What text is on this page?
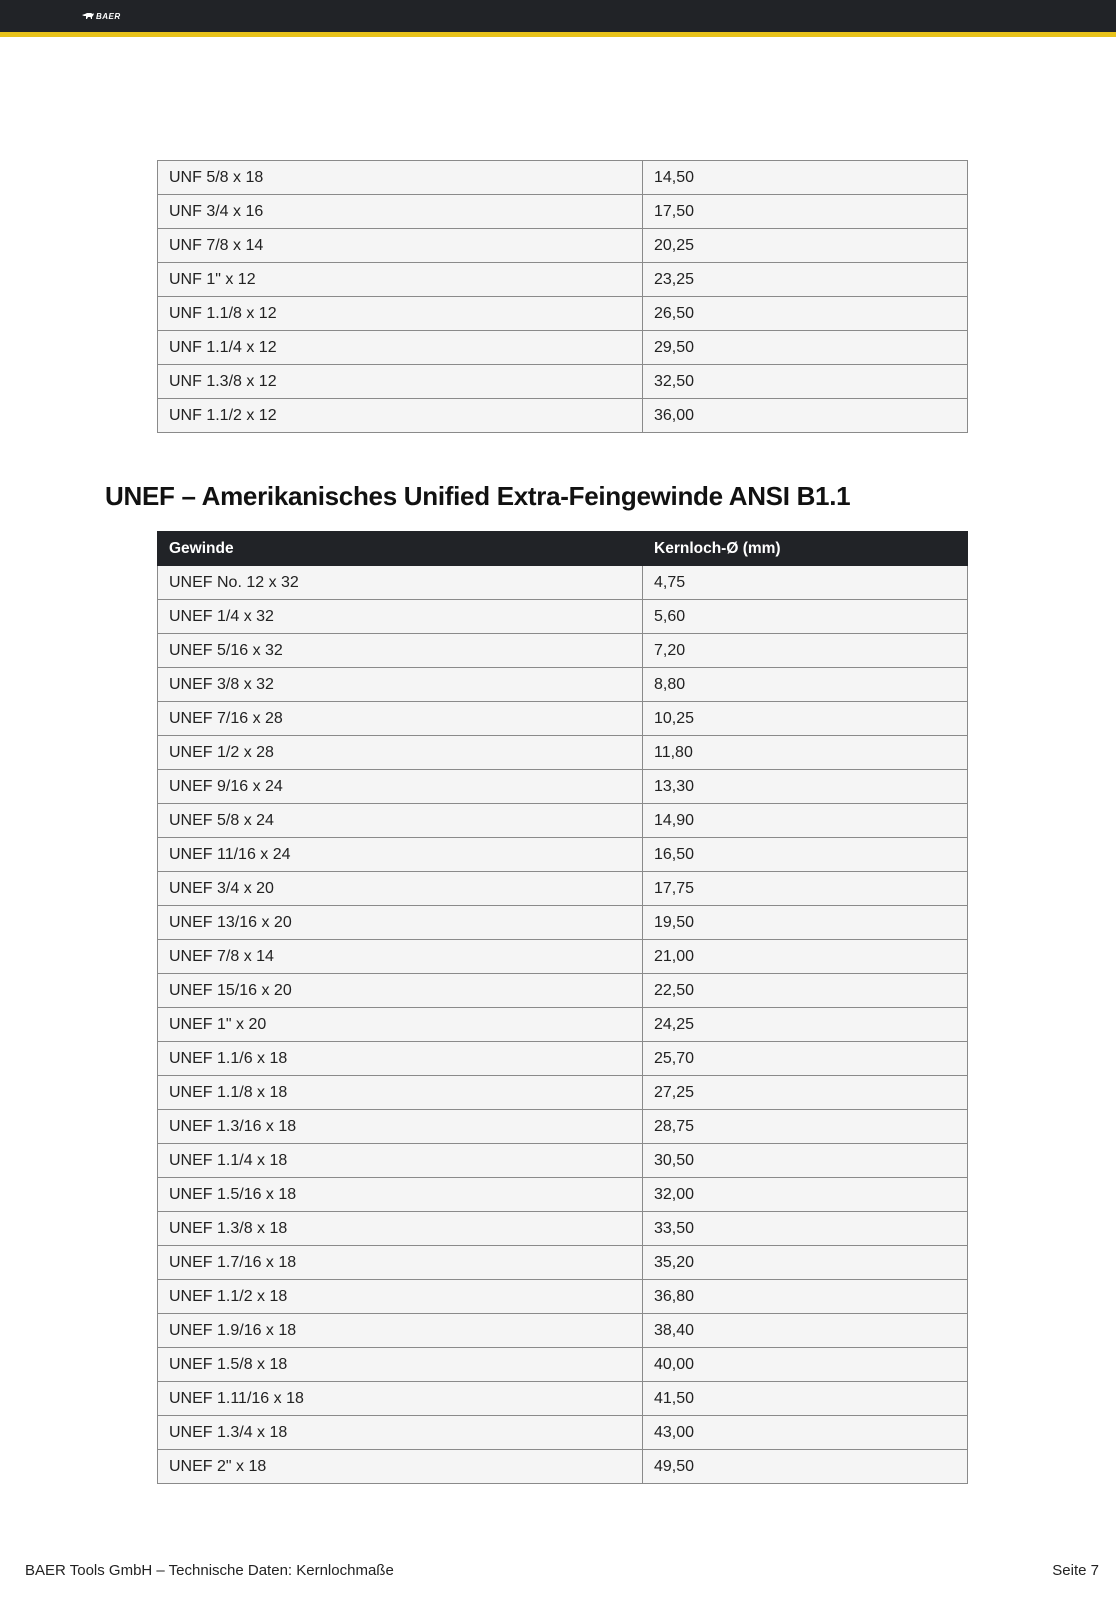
BAER
UNF 5/8 x 18	14,50
UNF 3/4 x 16	17,50
UNF 7/8 x 14	20,25
UNF 1" x 12	23,25
UNF 1.1/8 x 12	26,50
UNF 1.1/4 x 12	29,50
UNF 1.3/8 x 12	32,50
UNF 1.1/2 x 12	36,00
UNEF – Amerikanisches Unified Extra-Feingewinde ANSI B1.1
Gewinde	Kernloch-Ø (mm)
UNEF No. 12 x 32	4,75
UNEF 1/4 x 32	5,60
UNEF 5/16 x 32	7,20
UNEF 3/8 x 32	8,80
UNEF 7/16 x 28	10,25
UNEF 1/2 x 28	11,80
UNEF 9/16 x 24	13,30
UNEF 5/8 x 24	14,90
UNEF 11/16 x 24	16,50
UNEF 3/4 x 20	17,75
UNEF 13/16 x 20	19,50
UNEF 7/8 x 14	21,00
UNEF 15/16 x 20	22,50
UNEF 1" x 20	24,25
UNEF 1.1/6 x 18	25,70
UNEF 1.1/8 x 18	27,25
UNEF 1.3/16 x 18	28,75
UNEF 1.1/4 x 18	30,50
UNEF 1.5/16 x 18	32,00
UNEF 1.3/8 x 18	33,50
UNEF 1.7/16 x 18	35,20
UNEF 1.1/2 x 18	36,80
UNEF 1.9/16 x 18	38,40
UNEF 1.5/8 x 18	40,00
UNEF 1.11/16 x 18	41,50
UNEF 1.3/4 x 18	43,00
UNEF 2" x 18	49,50
BAER Tools GmbH – Technische Daten: Kernlochmaße	Seite 7
